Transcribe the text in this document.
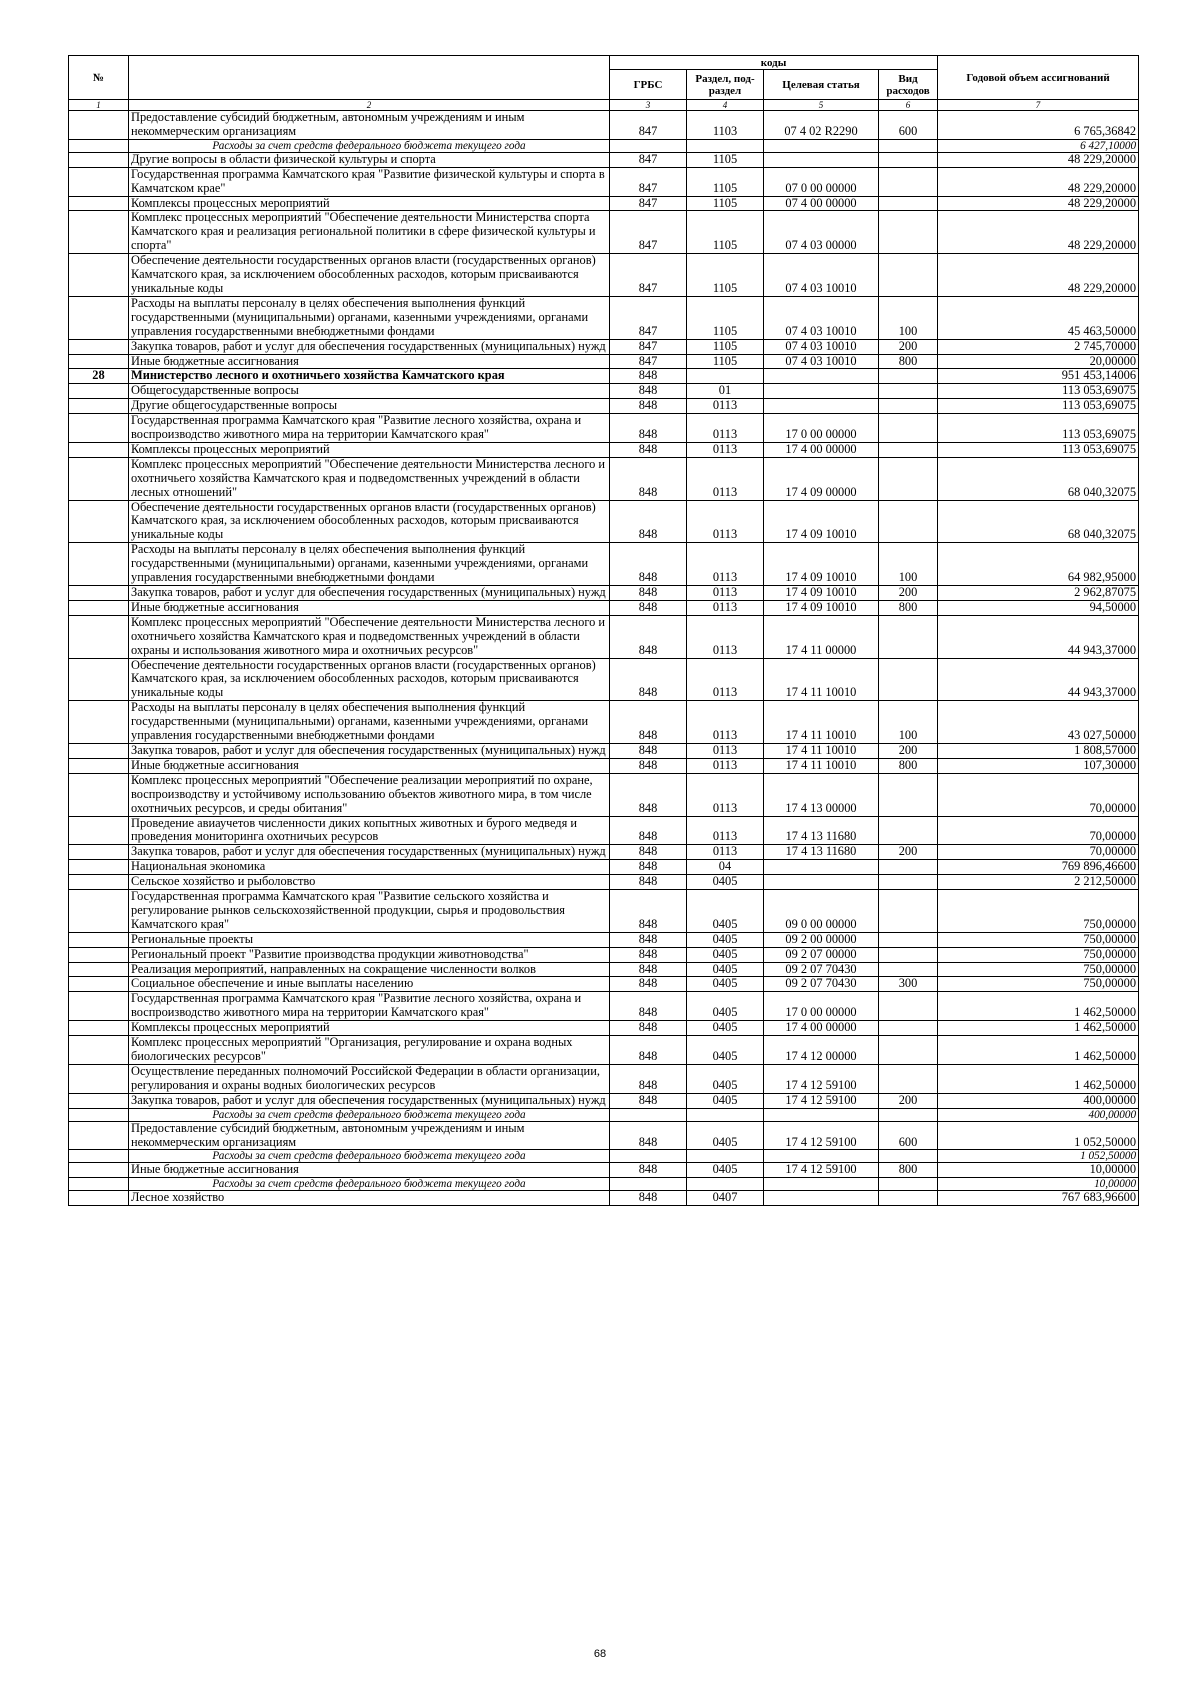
№		коды				Годовой объем ассигнований
		ГРБС	Раздел, под-раздел	Целевая статья	Вид расходов	
1	2	3	4	5	6	7
	Предоставление субсидий бюджетным, автономным учреждениям и иным некоммерческим организациям	847	1103	07 4 02 R2290	600	6 765,36842
	Расходы за счет средств федерального бюджета текущего года					6 427,10000
	Другие вопросы в области физической культуры и спорта	847	1105			48 229,20000
	Государственная программа Камчатского края "Развитие физической культуры и спорта в Камчатском крае"	847	1105	07 0 00 00000		48 229,20000
	Комплексы процессных мероприятий	847	1105	07 4 00 00000		48 229,20000
	Комплекс процессных мероприятий "Обеспечение деятельности Министерства спорта Камчатского края и реализация региональной политики в сфере физической культуры и спорта"	847	1105	07 4 03 00000		48 229,20000
	Обеспечение деятельности государственных органов власти (государственных органов) Камчатского края, за исключением обособленных расходов, которым присваиваются уникальные коды	847	1105	07 4 03 10010		48 229,20000
	Расходы на выплаты персоналу в целях обеспечения выполнения функций государственными (муниципальными) органами, казенными учреждениями, органами управления государственными внебюджетными фондами	847	1105	07 4 03 10010	100	45 463,50000
	Закупка товаров, работ и услуг для обеспечения государственных (муниципальных) нужд	847	1105	07 4 03 10010	200	2 745,70000
	Иные бюджетные ассигнования	847	1105	07 4 03 10010	800	20,00000
28	Министерство лесного и охотничьего хозяйства Камчатского края	848				951 453,14006
	Общегосударственные вопросы	848	01			113 053,69075
	Другие общегосударственные вопросы	848	0113			113 053,69075
	Государственная программа Камчатского края "Развитие лесного хозяйства, охрана и воспроизводство животного мира на территории Камчатского края"	848	0113	17 0 00 00000		113 053,69075
	Комплексы процессных мероприятий	848	0113	17 4 00 00000		113 053,69075
	Комплекс процессных мероприятий "Обеспечение деятельности Министерства лесного и охотничьего хозяйства Камчатского края и подведомственных учреждений в области лесных отношений"	848	0113	17 4 09 00000		68 040,32075
	Обеспечение деятельности государственных органов власти (государственных органов) Камчатского края, за исключением обособленных расходов, которым присваиваются уникальные коды	848	0113	17 4 09 10010		68 040,32075
	Расходы на выплаты персоналу в целях обеспечения выполнения функций государственными (муниципальными) органами, казенными учреждениями, органами управления государственными внебюджетными фондами	848	0113	17 4 09 10010	100	64 982,95000
	Закупка товаров, работ и услуг для обеспечения государственных (муниципальных) нужд	848	0113	17 4 09 10010	200	2 962,87075
	Иные бюджетные ассигнования	848	0113	17 4 09 10010	800	94,50000
	Комплекс процессных мероприятий "Обеспечение деятельности Министерства лесного и охотничьего хозяйства Камчатского края и подведомственных учреждений в области охраны и использования животного мира и охотничьих ресурсов"	848	0113	17 4 11 00000		44 943,37000
	Обеспечение деятельности государственных органов власти (государственных органов) Камчатского края, за исключением обособленных расходов, которым присваиваются уникальные коды	848	0113	17 4 11 10010		44 943,37000
	Расходы на выплаты персоналу в целях обеспечения выполнения функций государственными (муниципальными) органами, казенными учреждениями, органами управления государственными внебюджетными фондами	848	0113	17 4 11 10010	100	43 027,50000
	Закупка товаров, работ и услуг для обеспечения государственных (муниципальных) нужд	848	0113	17 4 11 10010	200	1 808,57000
	Иные бюджетные ассигнования	848	0113	17 4 11 10010	800	107,30000
	Комплекс процессных мероприятий "Обеспечение реализации мероприятий по охране, воспроизводству и устойчивому использованию объектов животного мира, в том числе охотничьих ресурсов, и среды обитания"	848	0113	17 4 13 00000		70,00000
	Проведение авиаучетов численности диких копытных животных и бурого медведя и проведения мониторинга охотничьих ресурсов	848	0113	17 4 13 11680		70,00000
	Закупка товаров, работ и услуг для обеспечения государственных (муниципальных) нужд	848	0113	17 4 13 11680	200	70,00000
	Национальная экономика	848	04			769 896,46600
	Сельское хозяйство и рыболовство	848	0405			2 212,50000
	Государственная программа Камчатского края "Развитие сельского хозяйства и регулирование рынков сельскохозяйственной продукции, сырья и продовольствия Камчатского края"	848	0405	09 0 00 00000		750,00000
	Региональные проекты	848	0405	09 2 00 00000		750,00000
	Региональный проект "Развитие производства продукции животноводства"	848	0405	09 2 07 00000		750,00000
	Реализация мероприятий, направленных на сокращение численности волков	848	0405	09 2 07 70430		750,00000
	Социальное обеспечение и иные выплаты населению	848	0405	09 2 07 70430	300	750,00000
	Государственная программа Камчатского края "Развитие лесного хозяйства, охрана и воспроизводство животного мира на территории Камчатского края"	848	0405	17 0 00 00000		1 462,50000
	Комплексы процессных мероприятий	848	0405	17 4 00 00000		1 462,50000
	Комплекс процессных мероприятий "Организация, регулирование и охрана водных биологических ресурсов"	848	0405	17 4 12 00000		1 462,50000
	Осуществление переданных полномочий Российской Федерации в области организации, регулирования и охраны водных биологических ресурсов	848	0405	17 4 12 59100		1 462,50000
	Закупка товаров, работ и услуг для обеспечения государственных (муниципальных) нужд	848	0405	17 4 12 59100	200	400,00000
	Расходы за счет средств федерального бюджета текущего года					400,00000
	Предоставление субсидий бюджетным, автономным учреждениям и иным некоммерческим организациям	848	0405	17 4 12 59100	600	1 052,50000
	Расходы за счет средств федерального бюджета текущего года					1 052,50000
	Иные бюджетные ассигнования	848	0405	17 4 12 59100	800	10,00000
	Расходы за счет средств федерального бюджета текущего года					10,00000
	Лесное хозяйство	848	0407			767 683,96600
68
